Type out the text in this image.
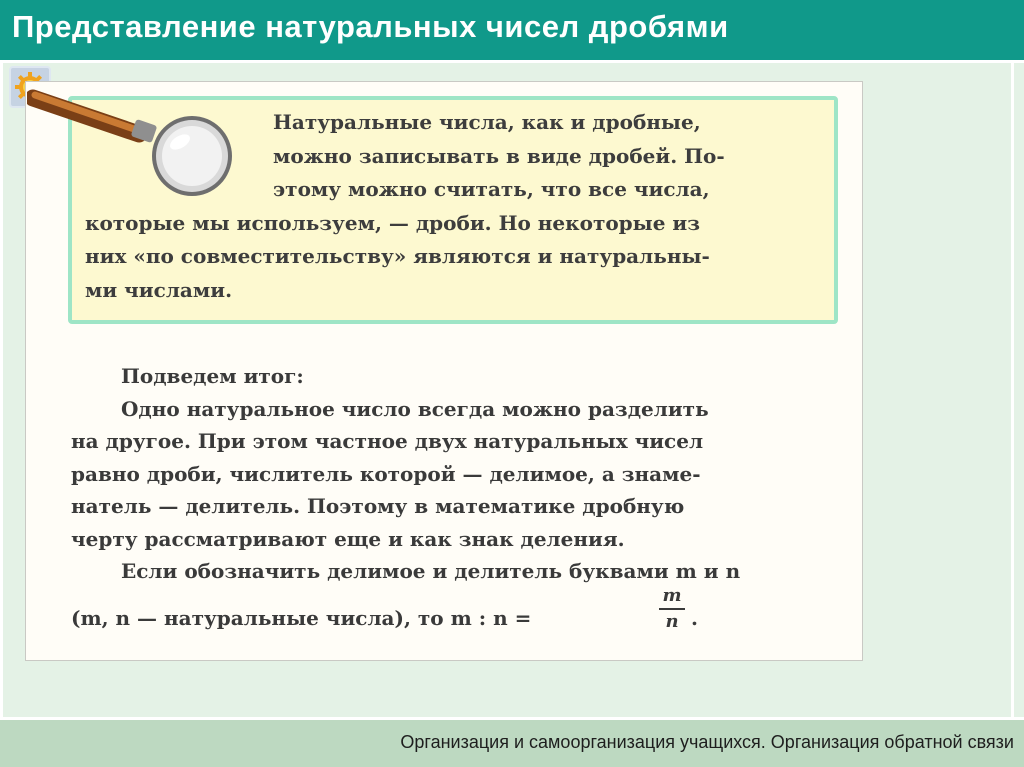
Представление натуральных чисел дробями
Натуральные числа, как и дробные,
можно записывать в виде дробей. По-
этому можно считать, что все числа,
которые мы используем, — дроби. Но некоторые из
них «по совместительству» являются и натуральны-
ми числами.
Подведем итог:
Одно натуральное число всегда можно разделить
на другое. При этом частное двух натуральных чисел
равно дроби, числитель которой — делимое, а знаме-
натель — делитель. Поэтому в математике дробную
черту рассматривают еще и как знак деления.
Если обозначить делимое и делитель буквами m и n
(m, n — натуральные числа), то m : n =
m
n .
Организация и самоорганизация учащихся. Организация обратной связи
